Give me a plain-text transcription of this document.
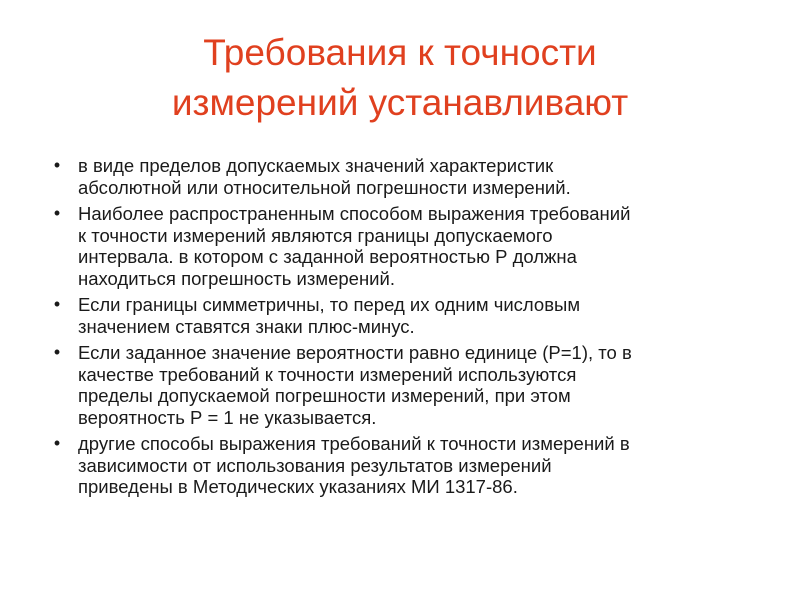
Требования к точности
измерений устанавливают
• в виде пределов допускаемых значений характеристик
абсолютной или относительной погрешности измерений.
• Наиболее распространенным способом выражения требований
к точности измерений являются границы допускаемого
интервала. в котором с заданной вероятностью Р должна
находиться погрешность измерений.
• Если границы симметричны, то перед их одним числовым
значением ставятся знаки плюс-минус.
• Если заданное значение вероятности равно единице (Р=1), то в
качестве требований к точности измерений используются
пределы допускаемой погрешности измерений, при этом
вероятность Р = 1 не указывается.
• другие способы выражения требований к точности измерений в
зависимости от использования результатов измерений
приведены в Методических указаниях МИ 1317-86.
